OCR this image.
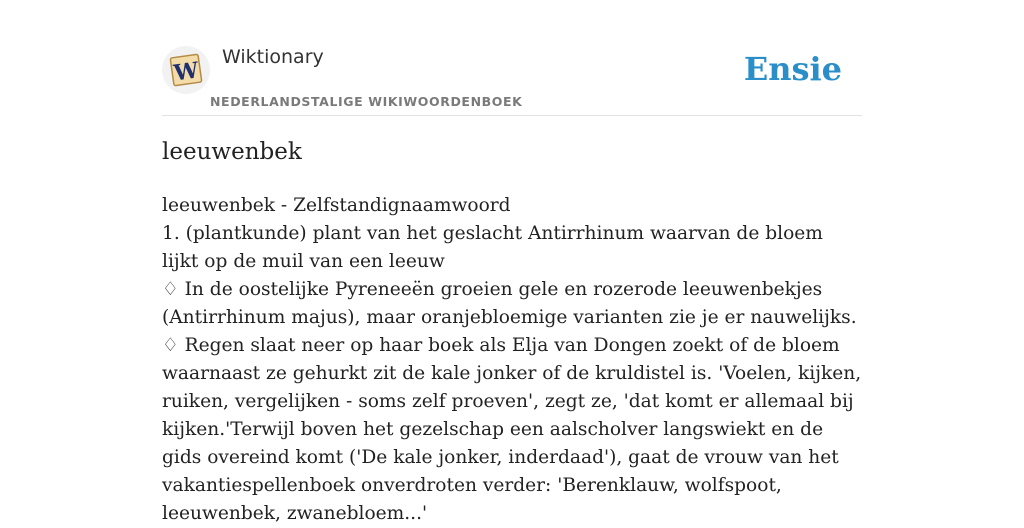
W
Wiktionary
NEDERLANDSTALIGE WIKIWOORDENBOEK
Ensie
leeuwenbek

leeuwenbek - Zelfstandignaamwoord

1. (plantkunde) plant van het geslacht Antirrhinum waarvan de bloem lijkt op de muil van een leeuw

♢ In de oostelijke Pyreneeën groeien gele en rozerode leeuwenbekjes (Antirrhinum majus), maar oranjebloemige varianten zie je er nauwelijks.

♢ Regen slaat neer op haar boek als Elja van Dongen zoekt of de bloem waarnaast ze gehurkt zit de kale jonker of de kruldistel is. 'Voelen, kijken, ruiken, vergelijken - soms zelf proeven', zegt ze, 'dat komt er allemaal bij kijken.'Terwijl boven het gezelschap een aalscholver langswiekt en de gids overeind komt ('De kale jonker, inderdaad'), gaat de vrouw van het vakantiespellenboek onverdroten verder: 'Berenklauw, wolfspoot, leeuwenbek, zwanebloem...'
